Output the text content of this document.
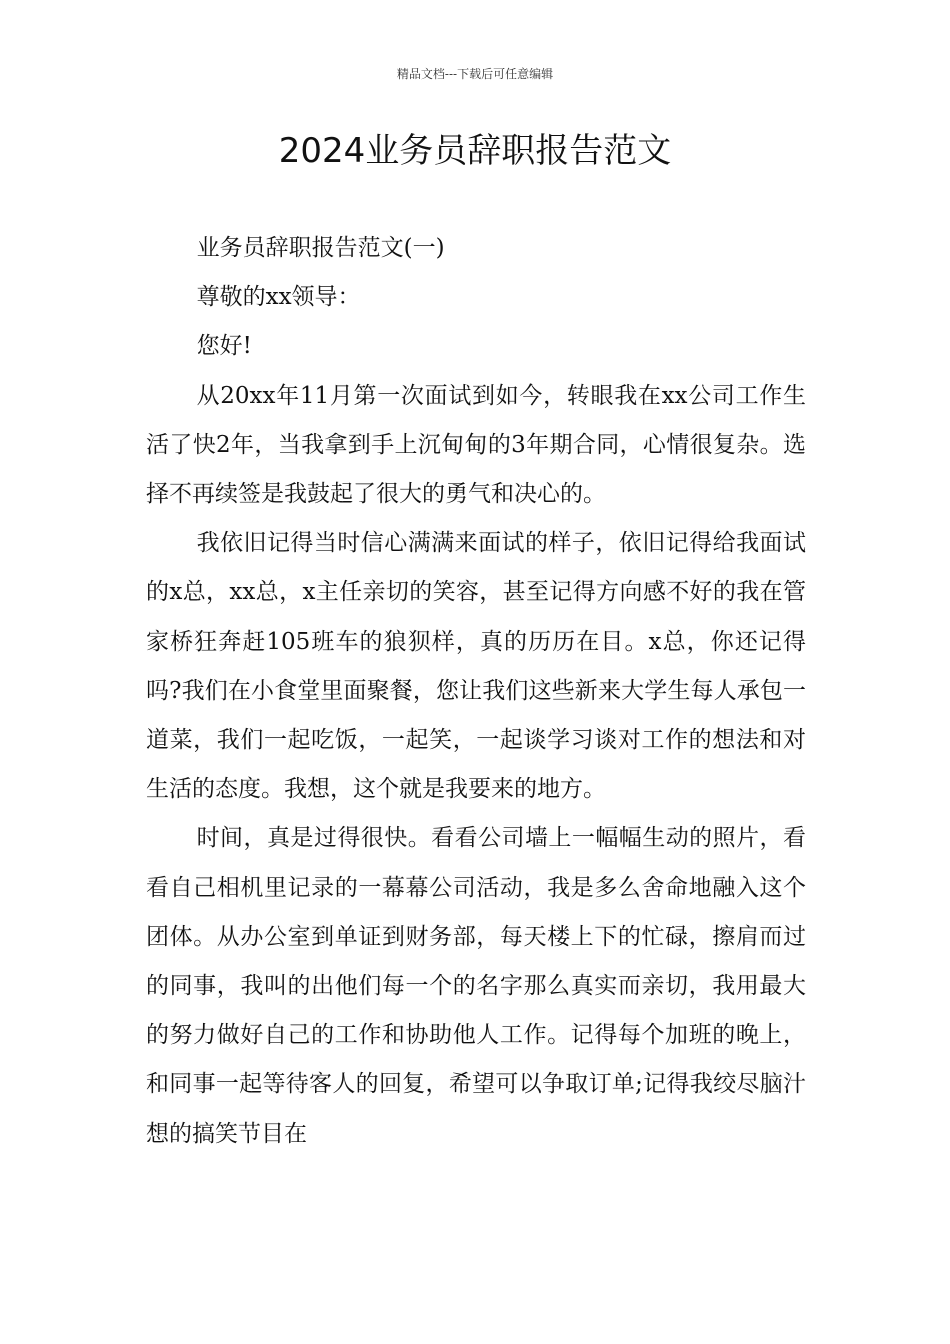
精品文档---下载后可任意编辑
2024业务员辞职报告范文

业务员辞职报告范文(一)

尊敬的xx领导：

您好!

从20xx年11月第一次面试到如今，转眼我在xx公司工作生活了快2年，当我拿到手上沉甸甸的3年期合同，心情很复杂。选择不再续签是我鼓起了很大的勇气和决心的。

我依旧记得当时信心满满来面试的样子，依旧记得给我面试的x总，xx总，x主任亲切的笑容，甚至记得方向感不好的我在管家桥狂奔赶105班车的狼狈样，真的历历在目。x总，你还记得吗?我们在小食堂里面聚餐，您让我们这些新来大学生每人承包一道菜，我们一起吃饭，一起笑，一起谈学习谈对工作的想法和对生活的态度。我想，这个就是我要来的地方。

时间，真是过得很快。看看公司墙上一幅幅生动的照片，看看自己相机里记录的一幕幕公司活动，我是多么舍命地融入这个团体。从办公室到单证到财务部，每天楼上下的忙碌，擦肩而过的同事，我叫的出他们每一个的名字那么真实而亲切，我用最大的努力做好自己的工作和协助他人工作。记得每个加班的晚上，和同事一起等待客人的回复，希望可以争取订单;记得我绞尽脑汁想的搞笑节目在
